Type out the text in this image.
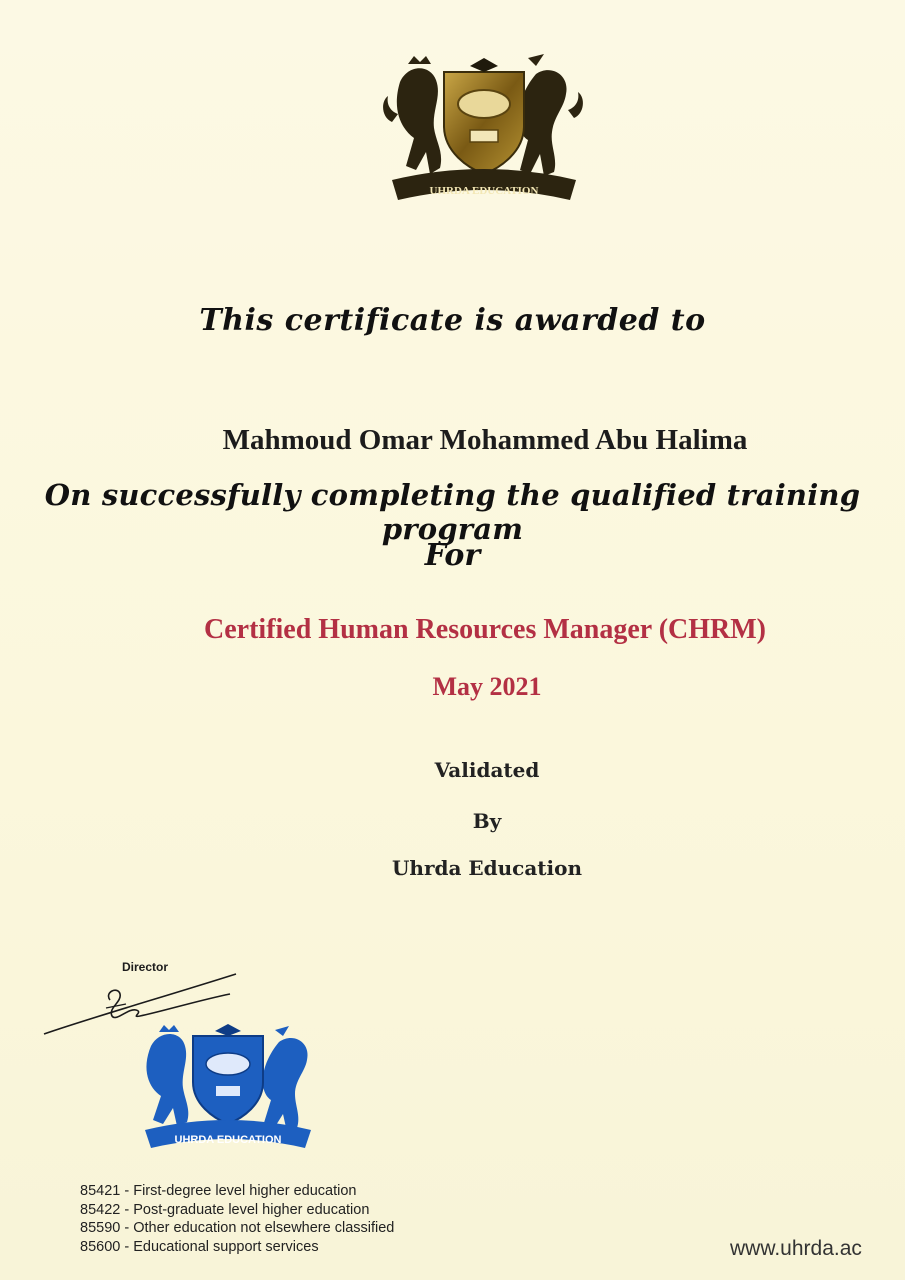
UHRDA EDUCATION
This certificate is awarded to
Mahmoud Omar Mohammed Abu Halima
On successfully completing the qualified training program
For
Certified Human Resources Manager (CHRM)
May 2021
Validated
By
Uhrda Education
Director
UHRDA EDUCATION
85421 - First-degree level higher education
85422 - Post-graduate level higher education
85590 - Other education not elsewhere classified
85600 - Educational support services	www.uhrda.ac
